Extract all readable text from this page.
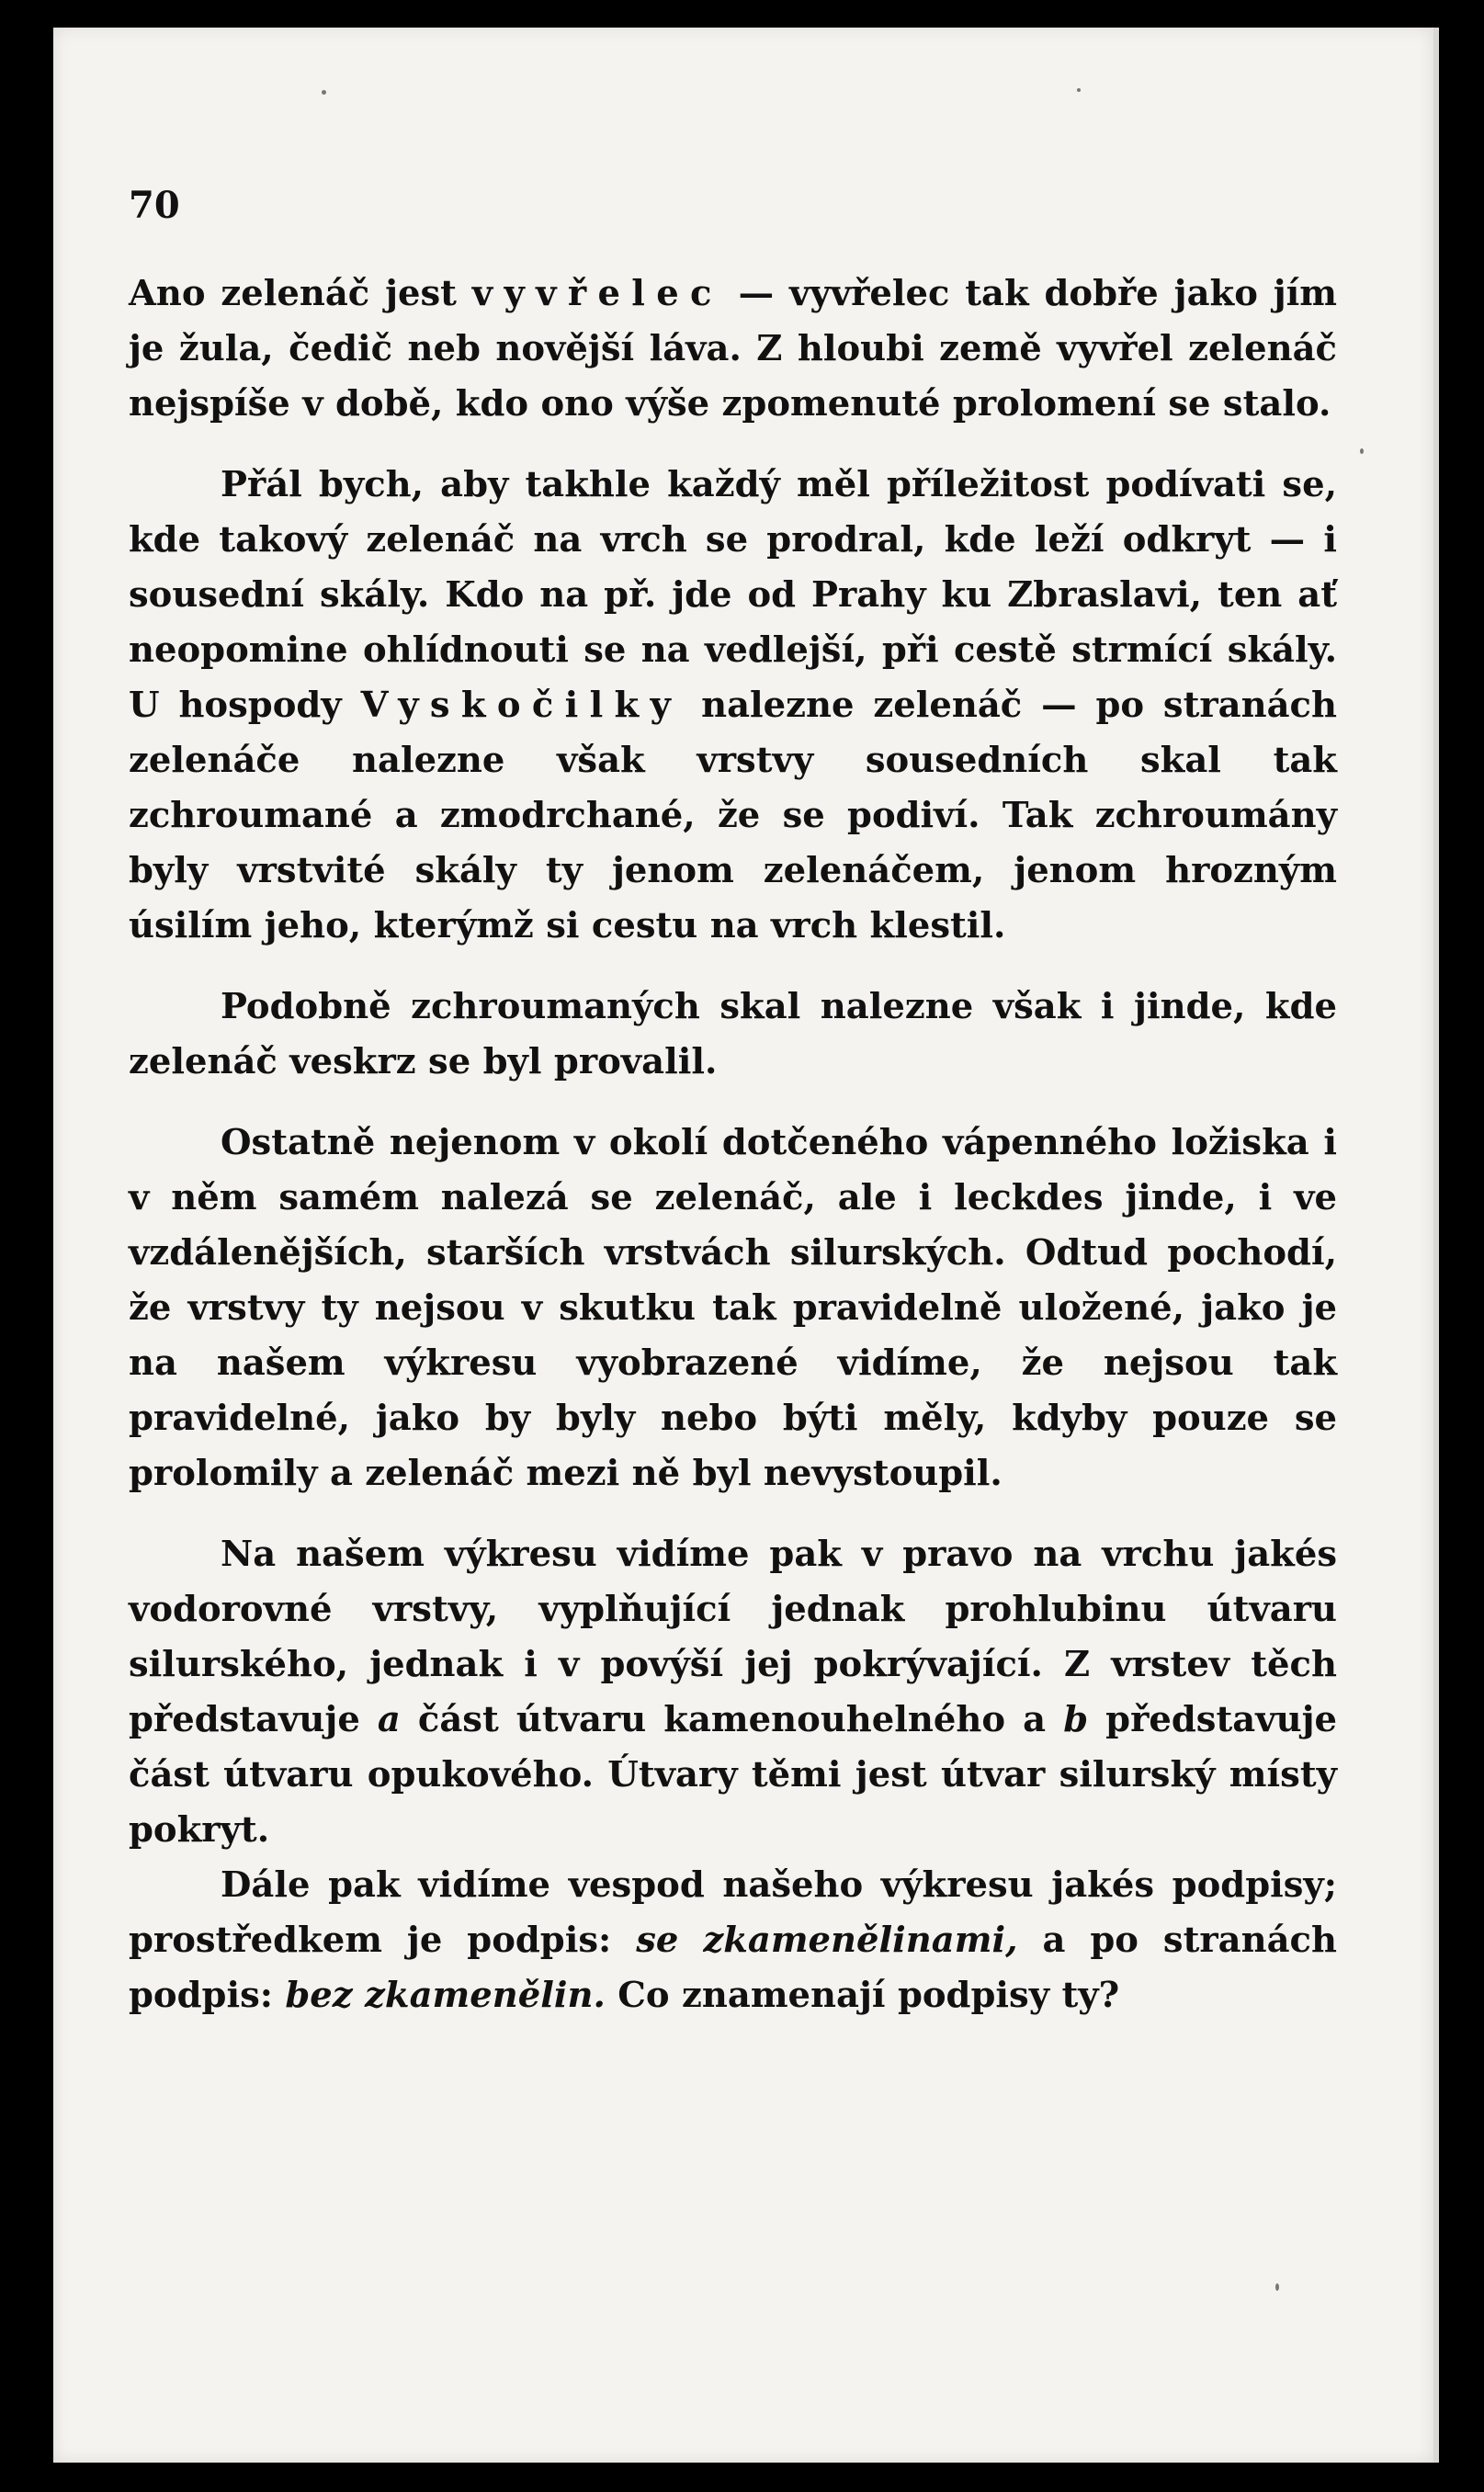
70

Ano zelenáč jest vyvřelec — vyvřelec tak dobře jako jím je žula, čedič neb novější láva. Z hloubi země vyvřel zelenáč nejspíše v době, kdo ono výše zpomenuté prolomení se stalo.

Přál bych, aby takhle každý měl příležitost podívati se, kde takový zelenáč na vrch se prodral, kde leží odkryt — i sousední skály. Kdo na př. jde od Prahy ku Zbraslavi, ten ať neopomine ohlídnouti se na vedlejší, při cestě strmící skály. U hospody Vyskočilky nalezne zelenáč — po stranách zelenáče nalezne však vrstvy sousedních skal tak zchroumané a zmodrchané, že se podiví. Tak zchroumány byly vrstvité skály ty jenom zelenáčem, jenom hrozným úsilím jeho, kterýmž si cestu na vrch klestil.

Podobně zchroumaných skal nalezne však i jinde, kde zelenáč veskrz se byl provalil.

Ostatně nejenom v okolí dotčeného vápenného ložiska i v něm samém nalezá se zelenáč, ale i leckdes jinde, i ve vzdálenějších, starších vrstvách silurských. Odtud pochodí, že vrstvy ty nejsou v skutku tak pravidelně uložené, jako je na našem výkresu vyobrazené vidíme, že nejsou tak pravidelné, jako by byly nebo býti měly, kdyby pouze se prolomily a zelenáč mezi ně byl nevystoupil.

Na našem výkresu vidíme pak v pravo na vrchu jakés vodorovné vrstvy, vyplňující jednak prohlubinu útvaru silurského, jednak i v povýší jej pokrývající. Z vrstev těch představuje a část útvaru kamenouhelného a b představuje část útvaru opukového. Útvary těmi jest útvar silurský místy pokryt.

Dále pak vidíme vespod našeho výkresu jakés podpisy; prostředkem je podpis: se zkamenělinami, a po stranách podpis: bez zkamenělin. Co znamenají podpisy ty?
